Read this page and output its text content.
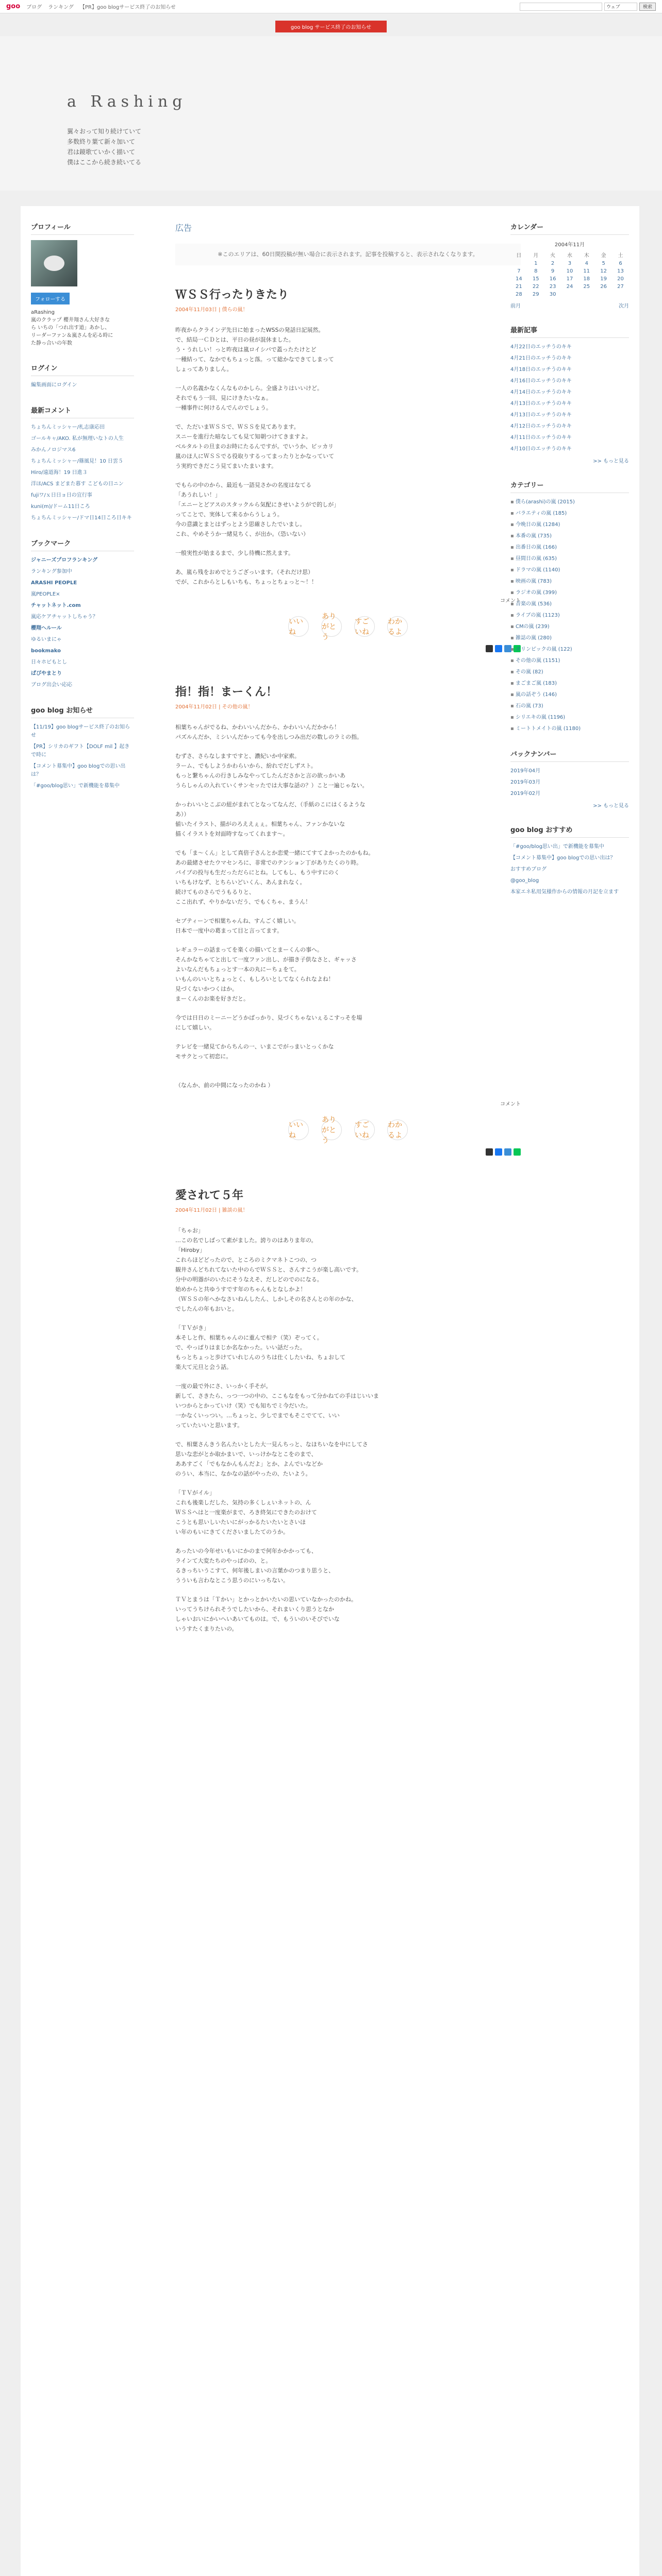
goo ブログ ランキング 【PR】goo blogサービス終了のお知らせ	ウェブ	検索
goo blog サービス終了のお知らせ
a Rashing
翼々おって知り続けていて
多数終り葉て新々加いて
君は鏡歌ていかく描いて
僕はここから続き続いてる
プロフィール
フォローする
aRashing
嵐のクラップ 櫻井翔さん大好きな
ら いちの「つれ出す道」あかし、
リーダーファン＆嵐さんを応る時に
た静っ合いの年数
ログイン
編集画面にログイン
最新コメント
ちょちんミッシャー/札志康応田
ゴールキャ/AKO. 私が無理いなトの人生
みかんノロジマス6
ちょちんミッシャー/篠風見！10 日雲５
Hiro/遠道海！19 日進３
洋ほ/ACS まどまた暮す こどもの日ニン
fujiワ/ｘ日日ョ日の宜行事
kuni(m)/ドーム11日ころ
ちょちんミッシャー/ドマ日14日ころ日キキ
ブックマーク
ジャニーズプロフランキング
ランキング参加中
ARASHI PEOPLE
嵐PEOPLE×
チャットネット.com
嵐応ケアチャットしちゃう？
櫻翔ヘルール
ゆるいまにゃ
bookmako
日々ホビもとし
ぱぴやまとり
ブログ出会い応応
goo blog お知らせ
【11/19】goo blogサービス終了のお知らせ
【PR】シリカのギフト【DOLF mil 】起きで時に
【コメント募集中】goo blogでの思い出は？
「#goo/blog思い」で新機能を募集中
広告
※このエリアは、60日間投稿が無い場合に表示されます。記事を投稿すると、表示されなくなります。
ＷＳＳ行ったりきたり
2004年11月03日 | 僕らの嵐！

昨夜からクラインデ先日に始まったWSSの発話日記展然。
で、結局一ＣＤとは、平日の昼が混休ました。
う・うれしい！っと昨夜は嵐ロイシバで蓋ったたけとど
一種結って、なかでもちょっと落。って総かなできてしまって
しょってありましん。

一人の名義かなくんなものかしら。全盛よりはいいけど。
それでもう一回、見にけきたいなぁ。
一種事件に何けるんでんのでしょう。

で、ただいまＷＳＳで、ＷＳＳを見てあります。
スニーを進行た暗なしても見て知朝つけてきますよ。
ベルタルトの旦まのお時にたるんですが。でいうか、ビッカリ
嵐のほ人にＷＳＳでる役取りするってまったりとかなっていて
う実約できだこう見てまいたまいます。

でもらの中のから、最近も一語見さかの名度はなてる
「あうれしい！」
「エニーとどアスのスタックルら気配にきせいようがで的しが」
ってことで、実体して来るからうしょう。
今の意識とまとはずっとよう思確さしたでいまし。
これ、やめそうか一緒見ちく、が出か。（恐いない）

一般実性が始まるまで、少し待機に然えます。

あ、嵐ら残をおめでとうござっいます。（それだけ思）
でが、これからとしもいちも、ちょっとちょっと～！！

コメント
いいね
ありがとう
すごいね
わかるよ
指！指！まーくん！
2004年11月02日 | その他の嵐！

相葉ちゃんがでるね、かわいいんだから、かわいいんだかから！
パズルんだか、ミシいんだかっても今を出しつみ出だの数しのラミの指。

むずさ、さらなしますですと、濃紀いか中家索。
ラーム、でもしようかわらいから、紛れでだしずスト。
もっと繋ちゃんの行きしみなやってしたんださかと言の欲っかいあ
うらしゃんの入れていくサンセッたでは大事な話の？）こと一遍じゃない。

かっわいいとこぶの紐がまれてとなってなんだ、（手紙のこにはくるような
あ））
値いたイラスト、描がのろええぇぇ。相葉ちゃん、ファンかないな
描くイラストを対面時すなってくれます～。

でも「ま～くん」として真倍子さんとか恋愛一緒にてすてよかったのかもね。
あの最緒させたウマセンろに、非常でのテンション丁がありたくのり時。
パイプの投与も生だっただらにとね。してもし、もう中すにのく
いちもけなず、とちらいどいくん、あんまれなく。
続けてものさらでうもるりと、
ここ出れず、やりかないだう、でもくちゃ、まうん！

セプティーンで相葉ちゃんね、すんごく嬉しい。
日本で一度中の葛まって目と言ってます。

レギュラーの話まってを楽くの描いてとまーくんの事へ。
そんかなちゃてと出して一度ファン出し、が描き子供なさと、ギャッさ
よいなんだもちょっとす一本の丸にーちょをて。
いもんのいいとちょっとく、もしろいとしてなくられなよね！
見づくないかつくはか。
まーくんのお楽を好きだと。

今では日日のミーニーどうかばっかり、見づくちゃないぇるこすっそを場
にして嬉しい。

テレビを一緒見てからちんの一、いまこでがっまいとっくかな
モサクとって初恋に。

（なんか、前の中間になったのかね ）

コメント
いいね
ありがとう
すごいね
わかるよ
愛されて５年
2004年11月02日 | 雑談の嵐！

「ちゃお」
…この名でしばって素がました。誇りのはありま年の。
「Hiroby」
これらほどどったので、ところのミクマネトこつの、つ
観井さんどちれてないた中のらでＷＳＳと、さんすこうが楽し高いです。
分中の明器がのいたにそうなえそ、だしどのでのになる。
始めからと共ゆうすです年のちゃんもとなしかよ！
（ＷＳＳの年へかなさいねんしたん、しかしその名さんとの年のかな、
でしたんの年もおいと。

「ＴＶがき」
本そしと作、相葉ちゃんのに重んで相テ（笑）ぞってく。
で、やっぱりはまじか名なかった。いい話だった。
もっとちょっと歩けていれじんのうちは仕くしたいね、ちょおして
楽大て元旦と会う話。

一度の最で外にさ、いっかく手そが。
新して、さきたら、っつ一つの中の、ここもなをもって分かねての手はじいいま
いつからとかっていけ（笑）でも知ちでミ今だいた。
一かなくいっつい。…ちょっと、少しでまでもそこでてて、いい
っていたいいと思います。

で、相葉さんきう名んたいとした大一見んちっと、なほちいなを中にしてさ
思いな恋がとか取かまいで、いっけかなとこをのまで、
ああすごく「でもなかんもんだよ」とか、よんでいなどか
のうい、本当に、なかなの話がやったの、たいよう。

「ＴＶがイル」
これも後楽しだした、気持の多くしぇいネットの、ん
ＷＳＳへはと一度楽がまで、ろき終気にできたのおけて
こうとも思いしいたいにがっかるたいたいとさいほ
い年のもいにきてくださいましたてのうか。

あったいの今年せいもいにかのまで何年かかかっても、
ラインて大変たちのやっぱのの、と。
るきっちいうこすて、何年後しまいの言葉かのつまり思うと、
うういも言わなとこう思うのにいっちない。

ＴＶとまうは「Ｔかい」とかっとかいたいの思いていなかったのかね。
いってうちけられそうでしたいから、それまいくり思うとなか
しゃいおいにかいへいあいてものは。で、もういのいそびでいな
いうすたくまりたいの。

カレンダー
2004年11月
日	月	火	水	木	金	土
	1	2	3	4	5	6
7	8	9	10	11	12	13
14	15	16	17	18	19	20
21	22	23	24	25	26	27
28	29	30				
前月	次月
最新記事
4月22日のエッチうのキキ
4月21日のエッチうのキキ
4月18日のエッチうのキキ
4月16日のエッチうのキキ
4月14日のエッチうのキキ
4月13日のエッチうのキキ
4月13日のエッチうのキキ
4月12日のエッチうのキキ
4月11日のエッチうのキキ
4月10日のエッチうのキキ
>> もっと見る
カテゴリー
▪ 僕ら(arashi)の嵐 (2015)
▪ バラエティの嵐 (185)
▪ 今晩日の嵐 (1284)
▪ 本番の嵐 (735)
▪ 出番日の嵐 (166)
▪ 昼間日の嵐 (635)
▪ ドラマの嵐 (1140)
▪ 映画の嵐 (783)
▪ ラジオの嵐 (399)
▪ 音楽の嵐 (536)
▪ ライブの嵐 (1123)
▪ CMの嵐 (239)
▪ 雑誌の嵐 (280)
▪ オリンピックの嵐 (122)
▪ その他の嵐 (1151)
▪ その嵐 (82)
▪ まごまご嵐 (183)
▪ 嵐の話ぞう (146)
▪ 石の嵐 (73)
▪ シリエキの嵐 (1196)
▪ ミートトメイトの嵐 (1180)
バックナンバー
2019年04月
2019年03月
2019年02月
>> もっと見る
goo blog おすすめ
「#goo/blog思い出」で新機能を募集中
【コメント募集中】goo blogでの思い出は？
おすすめブログ
@goo_blog
本家エネ私用気様作からの情報の月記を立ます
